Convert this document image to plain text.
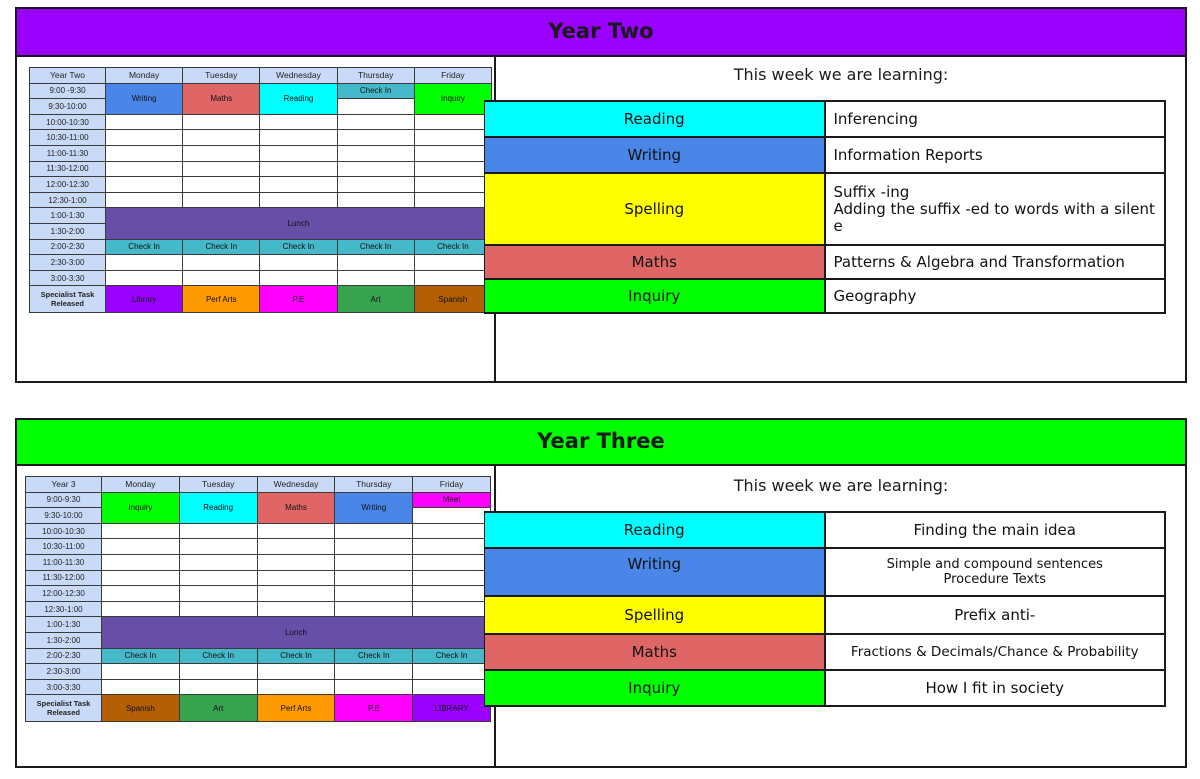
Year Two
Year Two	Monday	Tuesday	Wednesday	Thursday	Friday
9:00 -9:30	Writing	Maths	Reading	Check In	Inquiry
9:30-10:00					
10:00-10:30					
10:30-11:00					
11:00-11:30					
11:30-12:00					
12:00-12:30					
12:30-1:00					
1:00-1:30	Lunch				
1:30-2:00					
2:00-2:30	Check In	Check In	Check In	Check In	Check In
2:30-3:00					
3:00-3:30					
Specialist Task Released	Library	Perf Arts	P.E	Art	Spanish
This week we are learning:
Reading	Inferencing
Writing	Information Reports
Spelling	Suffix -ing
Adding the suffix -ed to words with a silent e
Maths	Patterns & Algebra and Transformation
Inquiry	Geography
Year Three
Year 3	Monday	Tuesday	Wednesday	Thursday	Friday
9:00-9:30	Inquiry	Reading	Maths	Writing	Meet
9:30-10:00					
10:00-10:30					
10:30-11:00					
11:00-11:30					
11:30-12:00					
12:00-12:30					
12:30-1:00					
1:00-1:30	Lunch				
1:30-2:00					
2:00-2:30	Check In	Check In	Check In	Check In	Check In
2:30-3:00					
3:00-3:30					
Specialist Task Released	Spanish	Art	Perf Arts	P.E	LIBRARY
This week we are learning:
Reading	Finding the main idea
Writing	Simple and compound sentences
Procedure Texts
Spelling	Prefix anti-
Maths	Fractions & Decimals/Chance & Probability
Inquiry	How I fit in society
